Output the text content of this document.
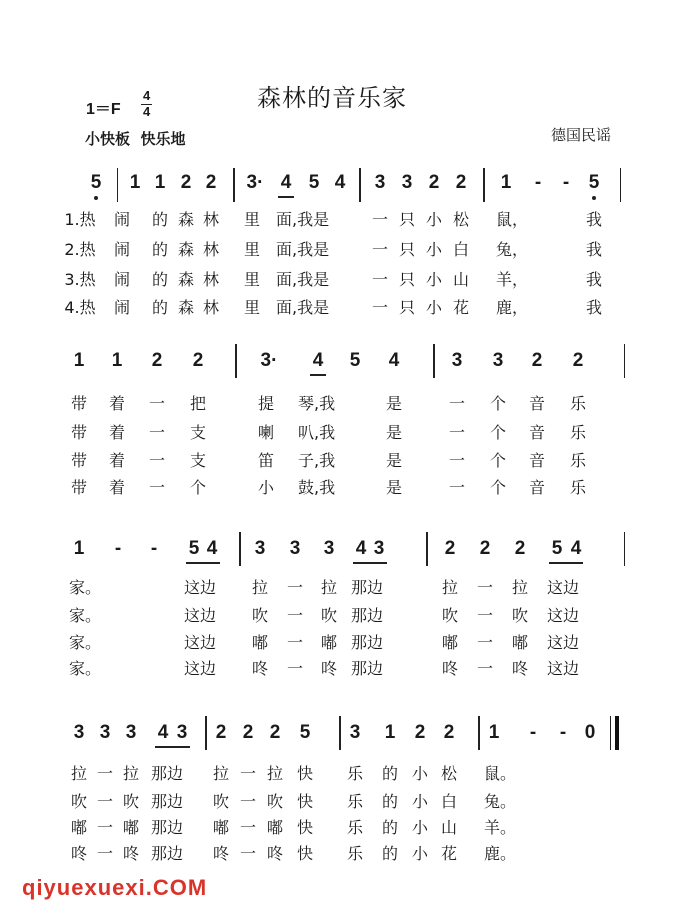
森林的音乐家
1＝F
4
4
小快板  快乐地	德国民谣
5 1 1 2 2 3· 4 5 4 3 3 2 2 1	-	-	5
1.热 闹 的 森 林 里 面,我是	一 只 小 松 鼠，	我
2.热 闹 的 森 林 里 面,我是	一 只 小 白 兔，	我
3.热 闹 的 森 林 里 面,我是	一 只 小 山 羊，	我
4.热 闹 的 森 林 里 面,我是	一 只 小 花 鹿，	我
1 1 2 2	3· 4 5 4	3 3 2 2
带 着 一 把	提 琴,我	是	一 个 音 乐
带 着 一 支	喇 叭,我	是	一 个 音 乐
带 着 一 支	笛 子,我	是	一 个 音 乐
带 着 一 个	小 鼓,我	是	一 个 音 乐
1	-	-	5 4 3 3 3 4 3	2 2 2 5 4
家。	这边	拉 一 拉 那边	拉 一 拉 这边
家。	这边	吹 一 吹 那边	吹 一 吹 这边
家。	这边	嘟 一 嘟 那边	嘟 一 嘟 这边
家。	这边	咚 一 咚 那边	咚 一 咚 这边
3 3 3 4 3 2 2 2 5 3 1 2 2 1	-	- 0
拉 一 拉 那边	拉 一 拉 快 乐 的 小 松 鼠。
吹 一 吹 那边	吹 一 吹 快 乐 的 小 白 兔。
嘟 一 嘟 那边	嘟 一 嘟 快 乐 的 小 山 羊。
咚 一 咚 那边	咚 一 咚 快 乐 的 小 花 鹿。
qiyuexuexi.COM
